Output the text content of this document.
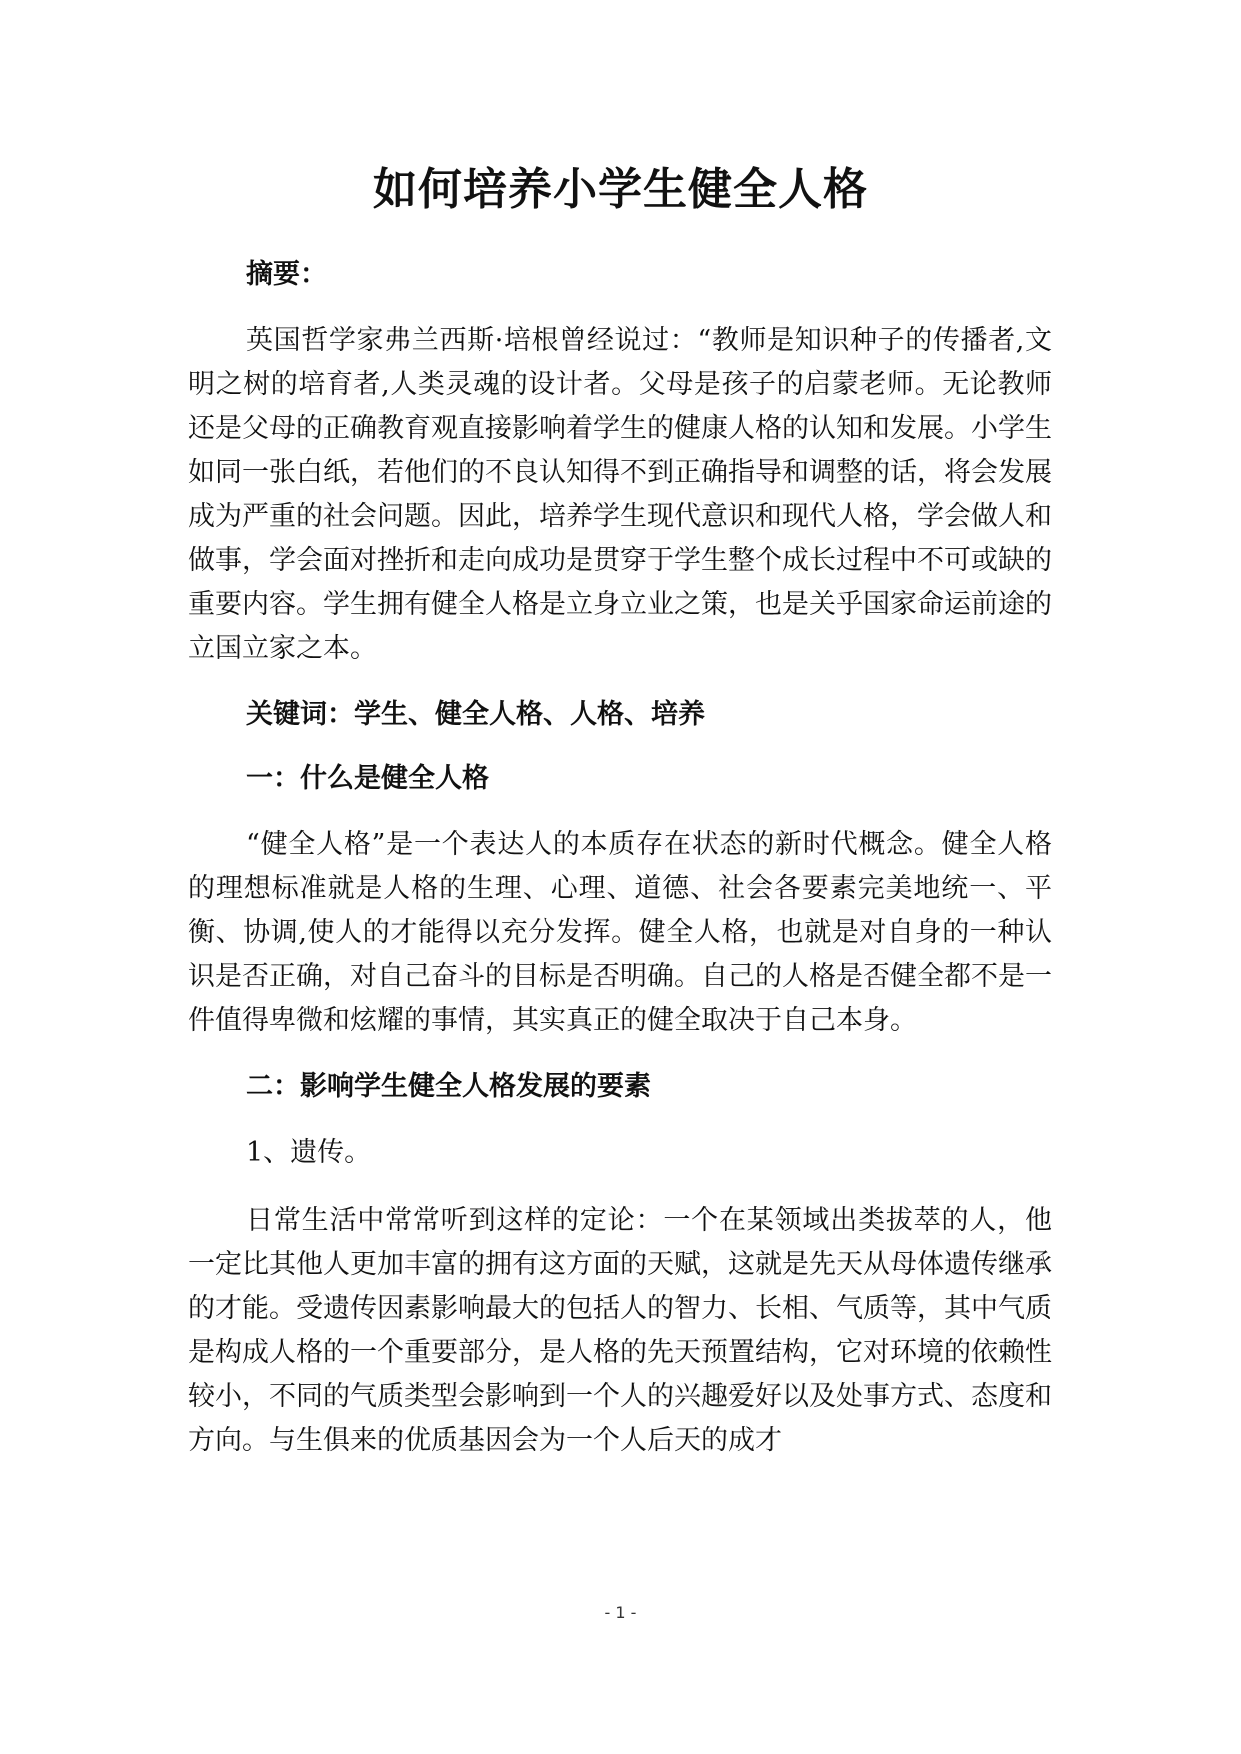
如何培养小学生健全人格
摘要：

英国哲学家弗兰西斯·培根曾经说过：“教师是知识种子的传播者,文明之树的培育者,人类灵魂的设计者。父母是孩子的启蒙老师。无论教师还是父母的正确教育观直接影响着学生的健康人格的认知和发展。小学生如同一张白纸，若他们的不良认知得不到正确指导和调整的话，将会发展成为严重的社会问题。因此，培养学生现代意识和现代人格，学会做人和做事，学会面对挫折和走向成功是贯穿于学生整个成长过程中不可或缺的重要内容。学生拥有健全人格是立身立业之策，也是关乎国家命运前途的立国立家之本。

关键词：学生、健全人格、人格、培养
一：什么是健全人格

“健全人格”是一个表达人的本质存在状态的新时代概念。健全人格的理想标准就是人格的生理、心理、道德、社会各要素完美地统一、平衡、协调,使人的才能得以充分发挥。健全人格，也就是对自身的一种认识是否正确，对自己奋斗的目标是否明确。自己的人格是否健全都不是一件值得卑微和炫耀的事情，其实真正的健全取决于自己本身。

二：影响学生健全人格发展的要素

1、遗传。

日常生活中常常听到这样的定论：一个在某领域出类拔萃的人，他一定比其他人更加丰富的拥有这方面的天赋，这就是先天从母体遗传继承的才能。受遗传因素影响最大的包括人的智力、长相、气质等，其中气质是构成人格的一个重要部分，是人格的先天预置结构，它对环境的依赖性较小，不同的气质类型会影响到一个人的兴趣爱好以及处事方式、态度和方向。与生俱来的优质基因会为一个人后天的成才

- 1 -
